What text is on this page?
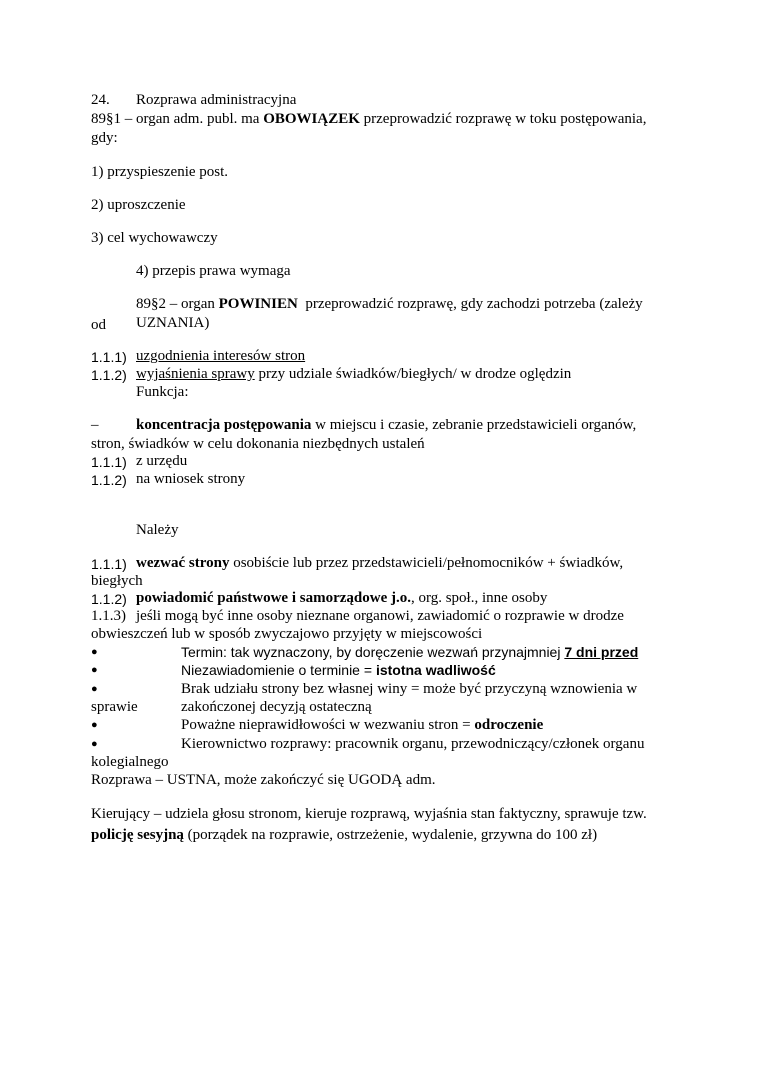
24. Rozprawa administracyjna
89§1 – organ adm. publ. ma OBOWIĄZEK przeprowadzić rozprawę w toku postępowania,
gdy:
1) przyspieszenie post.
2) uproszczenie
3) cel wychowawczy
4) przepis prawa wymaga
89§2 – organ POWINIEN  przeprowadzić rozprawę, gdy zachodzi potrzeba (zależy
od UZNANIA)
1.1.1) uzgodnienia interesów stron
1.1.2) wyjaśnienia sprawy przy udziale świadków/biegłych/ w drodze oględzin
Funkcja:
–	koncentracja postępowania w miejscu i czasie, zebranie przedstawicieli organów,
stron, świadków w celu dokonania niezbędnych ustaleń
1.1.1) z urzędu
1.1.2) na wniosek strony
Należy
1.1.1) wezwać strony osobiście lub przez przedstawicieli/pełnomocników + świadków,
biegłych
1.1.2) powiadomić państwowe i samorządowe j.o., org. społ., inne osoby
1.1.3) jeśli mogą być inne osoby nieznane organowi, zawiadomić o rozprawie w drodze
obwieszczeń lub w sposób zwyczajowo przyjęty w miejscowości
●	Termin: tak wyznaczony, by doręczenie wezwań przynajmniej 7 dni przed
●	Niezawiadomienie o terminie = istotna wadliwość
●	Brak udziału strony bez własnej winy = może być przyczyną wznowienia w
sprawie	zakończonej decyzją ostateczną
●	Poważne nieprawidłowości w wezwaniu stron = odroczenie
●	Kierownictwo rozprawy: pracownik organu, przewodniczący/członek organu
kolegialnego
Rozprawa – USTNA, może zakończyć się UGODĄ adm.
Kierujący – udziela głosu stronom, kieruje rozprawą, wyjaśnia stan faktyczny, sprawuje tzw.
policję sesyjną (porządek na rozprawie, ostrzeżenie, wydalenie, grzywna do 100 zł)
